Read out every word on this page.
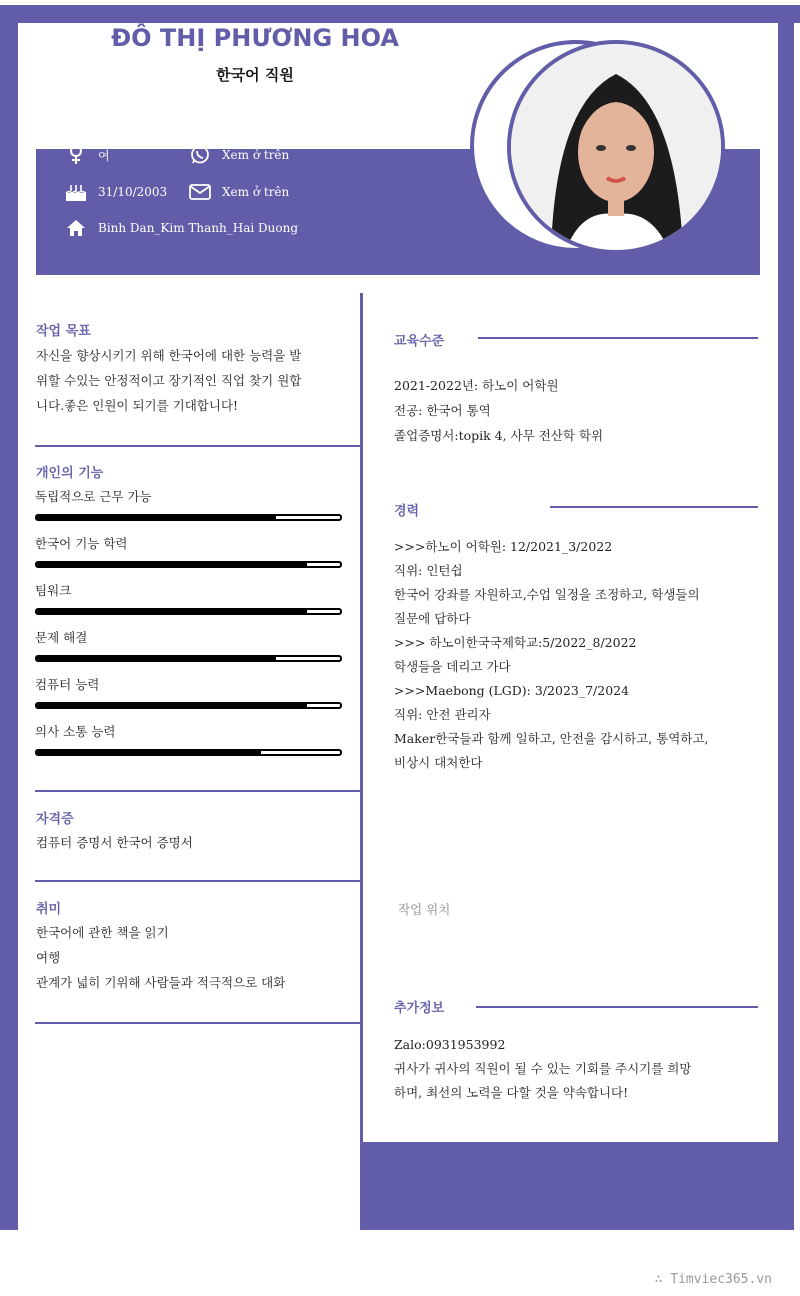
ĐỖ THỊ PHƯƠNG HOA
한국어 직원
여	Xem ở trên
31/10/2003	Xem ở trên
Binh Dan_Kim Thanh_Hai Duong
작업 목표
자신을 향상시키기 위해 한국어에 대한 능력을 발
위할 수있는 안정적이고 장기적인 직업 찾기 원합
니다.좋은 인원이 되기를 기대합니다!
개인의 기능
독립적으로 근무 가능
한국어 기능 학력
팀워크
문제 해결
컴퓨터 능력
의사 소통 능력
자격증
컴퓨터 증명서 한국어 증명서
취미
한국어에 관한 책을 읽기
여행
관계가 넓히 기위해 사람들과 적극적으로 대화
교육수준
2021-2022년: 하노이 어학원
전공: 한국어 통역
졸업증명서:topik 4, 사무 전산학 학위
경력
>>>하노이 어학원: 12/2021_3/2022
직위: 인턴쉽
한국어 강좌를 자원하고,수업 일정을 조정하고, 학생들의
질문에 답하다
>>> 하노이한국국제학교:5/2022_8/2022
학생들을 데리고 가다
>>>Maebong (LGD): 3/2023_7/2024
직위: 안전 관리자
Maker한국들과 함께 일하고, 안전을 감시하고, 통역하고,
비상시 대처한다
작업 위치
추가정보
Zalo:0931953992
귀사가 귀사의 직원이 될 수 있는 기회를 주시기를 희망
하며, 최선의 노력을 다할 것을 약속합니다!
∴ Timviec365.vn
